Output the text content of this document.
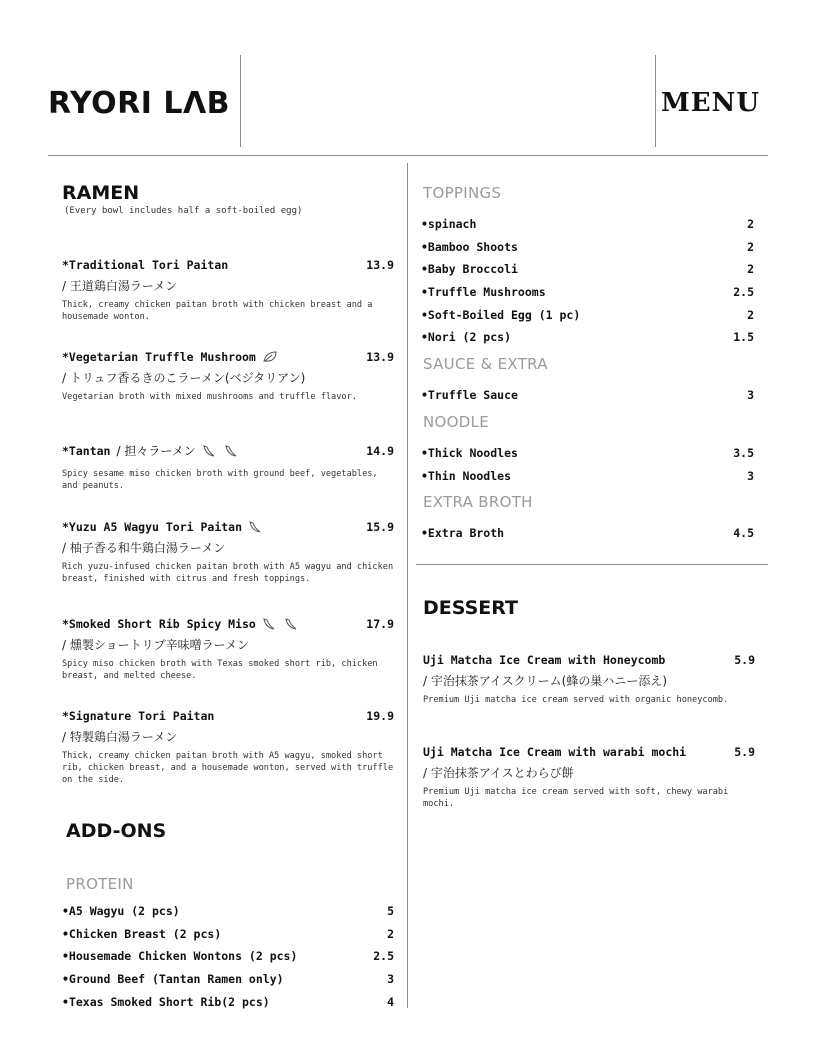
RYORI LΛB	MENU
RAMEN
(Every bowl includes half a soft-boiled egg)
*Traditional Tori Paitan	13.9
/ 王道鶏白湯ラーメン
Thick, creamy chicken paitan broth with chicken breast and a housemade wonton.
*Vegetarian Truffle Mushroom	13.9
/ トリュフ香るきのこラーメン(ベジタリアン)
Vegetarian broth with mixed mushrooms and truffle flavor.
*Tantan / 担々ラーメン	14.9
Spicy sesame miso chicken broth with ground beef, vegetables, and peanuts.
*Yuzu A5 Wagyu Tori Paitan	15.9
/ 柚子香る和牛鶏白湯ラーメン
Rich yuzu-infused chicken paitan broth with A5 wagyu and chicken breast, finished with citrus and fresh toppings.
*Smoked Short Rib Spicy Miso	17.9
/ 燻製ショートリブ辛味噌ラーメン
Spicy miso chicken broth with Texas smoked short rib, chicken breast, and melted cheese.
*Signature Tori Paitan	19.9
/ 特製鶏白湯ラーメン
Thick, creamy chicken paitan broth with A5 wagyu, smoked short rib, chicken breast, and a housemade wonton, served with truffle on the side.
ADD-ONS
PROTEIN
•A5 Wagyu (2 pcs)	5
•Chicken Breast (2 pcs)	2
•Housemade Chicken Wontons (2 pcs)	2.5
•Ground Beef (Tantan Ramen only)	3
•Texas Smoked Short Rib(2 pcs)	4
TOPPINGS
•spinach	2
•Bamboo Shoots	2
•Baby Broccoli	2
•Truffle Mushrooms	2.5
•Soft-Boiled Egg (1 pc)	2
•Nori (2 pcs)	1.5
SAUCE & EXTRA
•Truffle Sauce	3
NOODLE
•Thick Noodles	3.5
•Thin Noodles	3
EXTRA BROTH
•Extra Broth	4.5
DESSERT
Uji Matcha Ice Cream with Honeycomb	5.9
/ 宇治抹茶アイスクリーム(蜂の巣ハニー添え)
Premium Uji matcha ice cream served with organic honeycomb.
Uji Matcha Ice Cream with warabi mochi	5.9
/ 宇治抹茶アイスとわらび餅
Premium Uji matcha ice cream served with soft, chewy warabi mochi.
